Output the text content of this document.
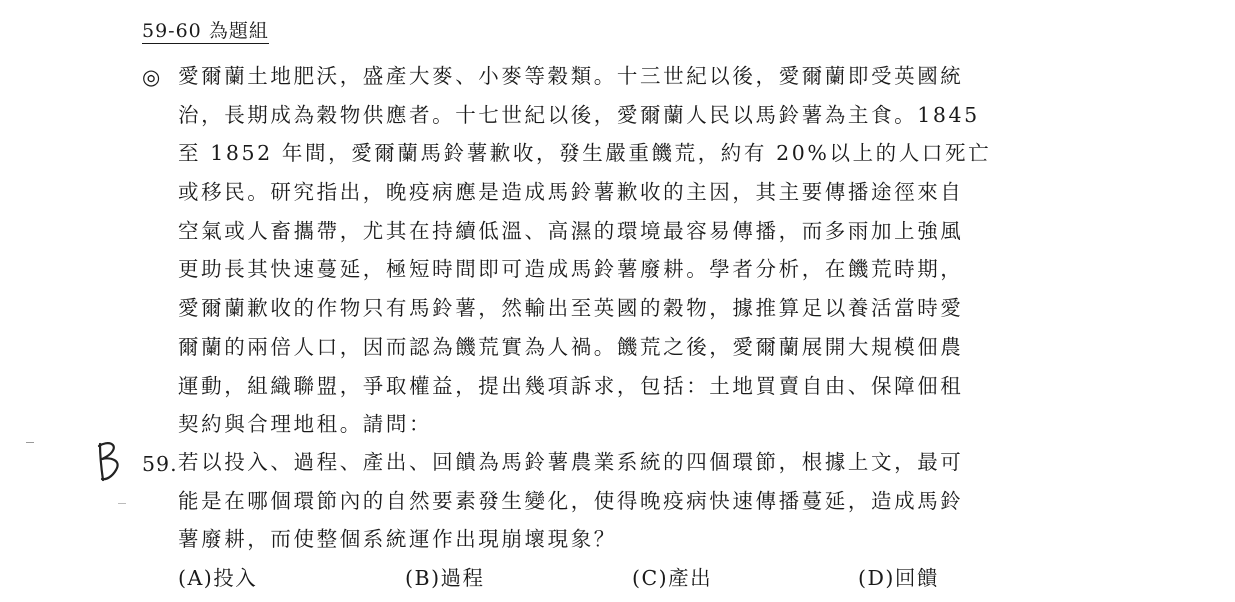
59-60 為題組
◎ 愛爾蘭土地肥沃，盛產大麥、小麥等穀類。十三世紀以後，愛爾蘭即受英國統
治，長期成為穀物供應者。十七世紀以後，愛爾蘭人民以馬鈴薯為主食。1845
至 1852 年間，愛爾蘭馬鈴薯歉收，發生嚴重饑荒，約有 20%以上的人口死亡
或移民。研究指出，晚疫病應是造成馬鈴薯歉收的主因，其主要傳播途徑來自
空氣或人畜攜帶，尤其在持續低溫、高濕的環境最容易傳播，而多雨加上強風
更助長其快速蔓延，極短時間即可造成馬鈴薯廢耕。學者分析，在饑荒時期，
愛爾蘭歉收的作物只有馬鈴薯，然輸出至英國的穀物，據推算足以養活當時愛
爾蘭的兩倍人口，因而認為饑荒實為人禍。饑荒之後，愛爾蘭展開大規模佃農
運動，組織聯盟，爭取權益，提出幾項訴求，包括：土地買賣自由、保障佃租
契約與合理地租。請問：
59. 若以投入、過程、產出、回饋為馬鈴薯農業系統的四個環節，根據上文，最可
能是在哪個環節內的自然要素發生變化，使得晚疫病快速傳播蔓延，造成馬鈴
薯廢耕，而使整個系統運作出現崩壞現象？
(A)投入	(B)過程	(C)產出	(D)回饋
